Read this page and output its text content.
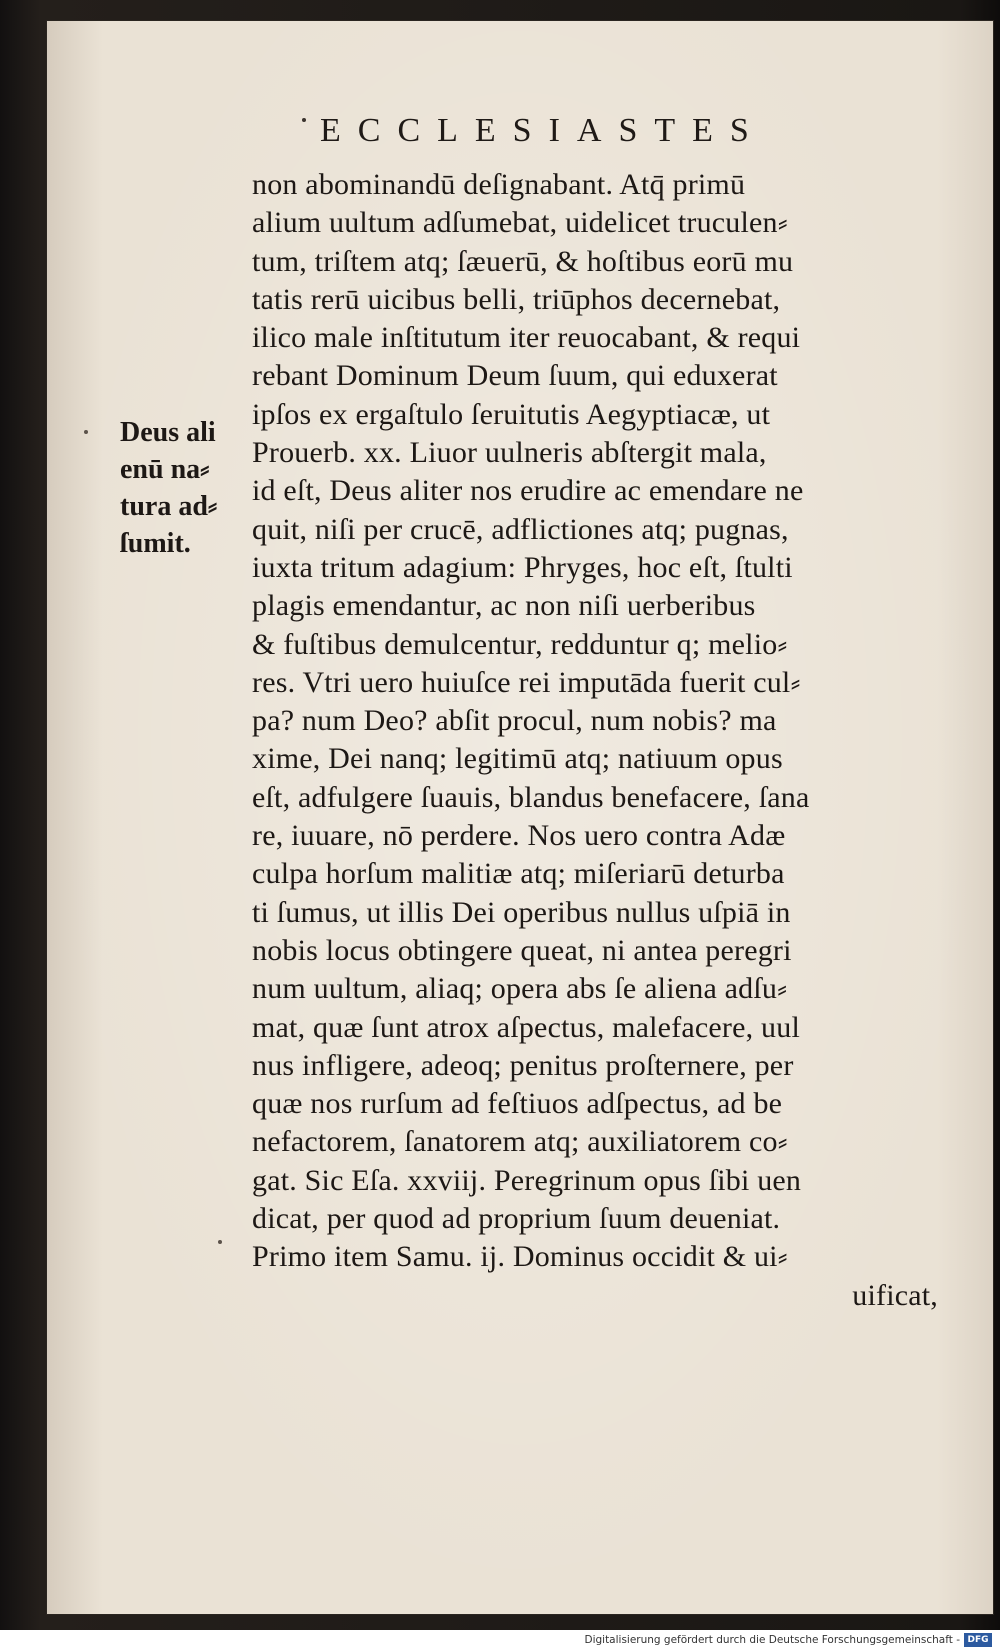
ECCLESIASTES
Deus ali
enū na⸗
tura ad⸗
ſumit.
non abominandū deſignabant. Atq̄ primū
alium uultum adſumebat, uidelicet truculen⸗
tum, triſtem atq; ſæuerū, & hoſtibus eorū mu
tatis rerū uicibus belli, triūphos decernebat,
ilico male inſtitutum iter reuocabant, & requi
rebant Dominum Deum ſuum, qui eduxerat
ipſos ex ergaſtulo ſeruitutis Aegyptiacæ, ut
Prouerb. xx. Liuor uulneris abſtergit mala,
id eſt, Deus aliter nos erudire ac emendare ne
quit, niſi per crucē, adflictiones atq; pugnas,
iuxta tritum adagium: Phryges, hoc eſt, ſtulti
plagis emendantur, ac non niſi uerberibus
& fuſtibus demulcentur, redduntur q; melio⸗
res. Vtri uero huiuſce rei imputāda fuerit cul⸗
pa? num Deo? abſit procul, num nobis? ma
xime, Dei nanq; legitimū atq; natiuum opus
eſt, adfulgere ſuauis, blandus benefacere, ſana
re, iuuare, nō perdere. Nos uero contra Adæ
culpa horſum malitiæ atq; miſeriarū deturba
ti ſumus, ut illis Dei operibus nullus uſpiā in
nobis locus obtingere queat, ni antea peregri
num uultum, aliaq; opera abs ſe aliena adſu⸗
mat, quæ ſunt atrox aſpectus, malefacere, uul
nus infligere, adeoq; penitus proſternere, per
quæ nos rurſum ad feſtiuos adſpectus, ad be
nefactorem, ſanatorem atq; auxiliatorem co⸗
gat. Sic Eſa. xxviij. Peregrinum opus ſibi uen
dicat, per quod ad proprium ſuum deueniat.
Primo item Samu. ij. Dominus occidit & ui⸗
uificat,
Digitalisierung gefördert durch die Deutsche Forschungsgemeinschaft - DFG
